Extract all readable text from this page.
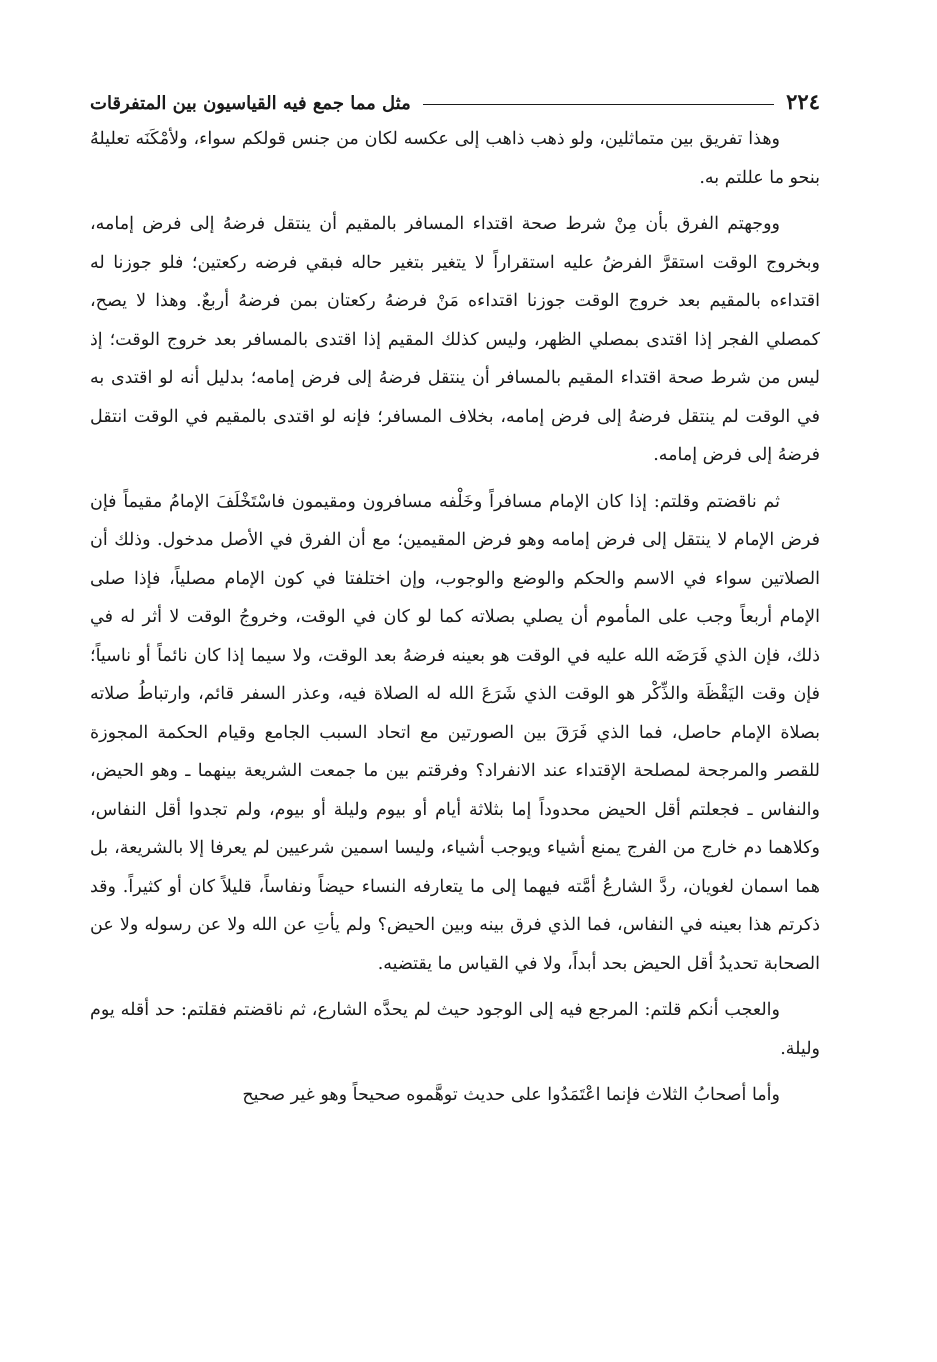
٢٢٤
مثل مما جمع فيه القياسيون بين المتفرقات

وهذا تفريق بين متماثلين، ولو ذهب ذاهب إلى عكسه لكان من جنس قولكم سواء، ولأمْكَنَه تعليلهُ بنحو ما عللتم به.

ووجهتم الفرق بأن مِنْ شرط صحة اقتداء المسافر بالمقيم أن ينتقل فرضهُ إلى فرض إمامه، وبخروج الوقت استقرَّ الفرضُ عليه استقراراً لا يتغير بتغير حاله فبقي فرضه ركعتين؛ فلو جوزنا له اقتداءه بالمقيم بعد خروج الوقت جوزنا اقتداءه مَنْ فرضهُ ركعتان بمن فرضهُ أربعٌ. وهذا لا يصح، كمصلي الفجر إذا اقتدى بمصلي الظهر، وليس كذلك المقيم إذا اقتدى بالمسافر بعد خروج الوقت؛ إذ ليس من شرط صحة اقتداء المقيم بالمسافر أن ينتقل فرضهُ إلى فرض إمامه؛ بدليل أنه لو اقتدى به في الوقت لم ينتقل فرضهُ إلى فرض إمامه، بخلاف المسافر؛ فإنه لو اقتدى بالمقيم في الوقت انتقل فرضهُ إلى فرض إمامه.

ثم ناقضتم وقلتم: إذا كان الإمام مسافراً وخَلْفه مسافرون ومقيمون فاسْتَخْلَفَ الإمامُ مقيماً فإن فرض الإمام لا ينتقل إلى فرض إمامه وهو فرض المقيمين؛ مع أن الفرق في الأصل مدخول. وذلك أن الصلاتين سواء في الاسم والحكم والوضع والوجوب، وإن اختلفتا في كون الإمام مصلياً، فإذا صلى الإمام أربعاً وجب على المأموم أن يصلي بصلاته كما لو كان في الوقت، وخروجُ الوقت لا أثر له في ذلك، فإن الذي فَرَضَه الله عليه في الوقت هو بعينه فرضهُ بعد الوقت، ولا سيما إذا كان نائماً أو ناسياً؛ فإن وقت اليَقْظَة والذِّكْر هو الوقت الذي شَرَعَ الله له الصلاة فيه، وعذر السفر قائم، وارتباطُ صلاته بصلاة الإمام حاصل، فما الذي فَرَقَ بين الصورتين مع اتحاد السبب الجامع وقيام الحكمة المجوزة للقصر والمرجحة لمصلحة الإقتداء عند الانفراد؟ وفرقتم بين ما جمعت الشريعة بينهما ـ وهو الحيض، والنفاس ـ فجعلتم أقل الحيض محدوداً إما بثلاثة أيام أو بيوم وليلة أو بيوم، ولم تجدوا أقل النفاس، وكلاهما دم خارج من الفرج يمنع أشياء ويوجب أشياء، وليسا اسمين شرعيين لم يعرفا إلا بالشريعة، بل هما اسمان لغويان، ردَّ الشارعُ أمَّته فيهما إلى ما يتعارفه النساء حيضاً ونفاساً، قليلاً كان أو كثيراً. وقد ذكرتم هذا بعينه في النفاس، فما الذي فرق بينه وبين الحيض؟ ولم يأتِ عن الله ولا عن رسوله ولا عن الصحابة تحديدُ أقل الحيض بحد أبداً، ولا في القياس ما يقتضيه.

والعجب أنكم قلتم: المرجع فيه إلى الوجود حيث لم يحدَّه الشارع، ثم ناقضتم فقلتم: حد أقله يوم وليلة.

وأما أصحابُ الثلاث فإنما اعْتَمَدُوا على حديث توهَّموه صحيحاً وهو غير صحيح
